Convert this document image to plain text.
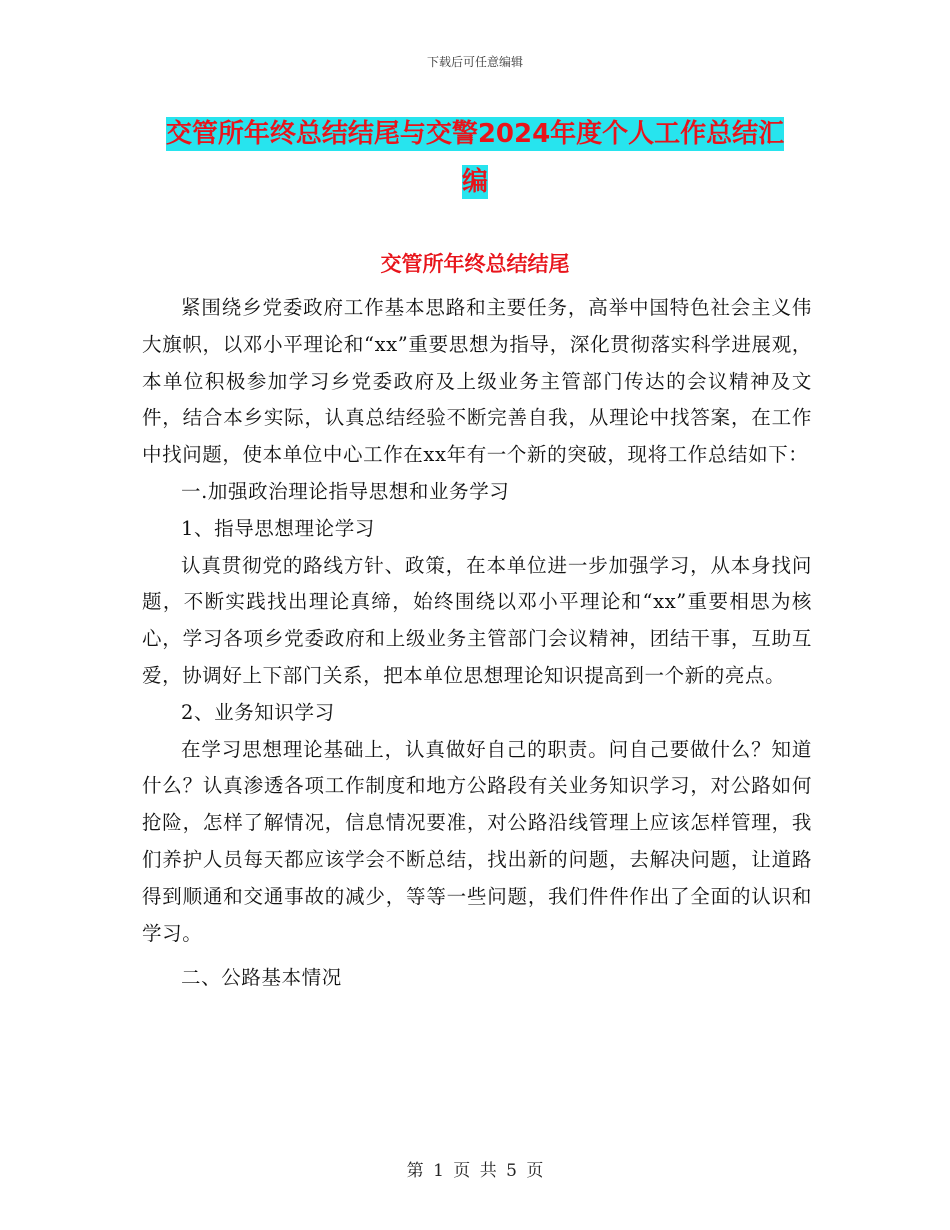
下载后可任意编辑
交管所年终总结结尾与交警2024年度个人工作总结汇
编
交管所年终总结结尾

紧围绕乡党委政府工作基本思路和主要任务，高举中国特色社会主义伟大旗帜，以邓小平理论和“xx”重要思想为指导，深化贯彻落实科学进展观，本单位积极参加学习乡党委政府及上级业务主管部门传达的会议精神及文件，结合本乡实际，认真总结经验不断完善自我，从理论中找答案，在工作中找问题，使本单位中心工作在xx年有一个新的突破，现将工作总结如下：

一.加强政治理论指导思想和业务学习

1、指导思想理论学习

认真贯彻党的路线方针、政策，在本单位进一步加强学习，从本身找问题，不断实践找出理论真缔，始终围绕以邓小平理论和“xx”重要相思为核心，学习各项乡党委政府和上级业务主管部门会议精神，团结干事，互助互爱，协调好上下部门关系，把本单位思想理论知识提高到一个新的亮点。

2、业务知识学习

在学习思想理论基础上，认真做好自己的职责。问自己要做什么？知道什么？认真渗透各项工作制度和地方公路段有关业务知识学习，对公路如何抢险，怎样了解情况，信息情况要准，对公路沿线管理上应该怎样管理，我们养护人员每天都应该学会不断总结，找出新的问题，去解决问题，让道路得到顺通和交通事故的减少，等等一些问题，我们件件作出了全面的认识和学习。

二、公路基本情况

第 1 页 共 5 页
